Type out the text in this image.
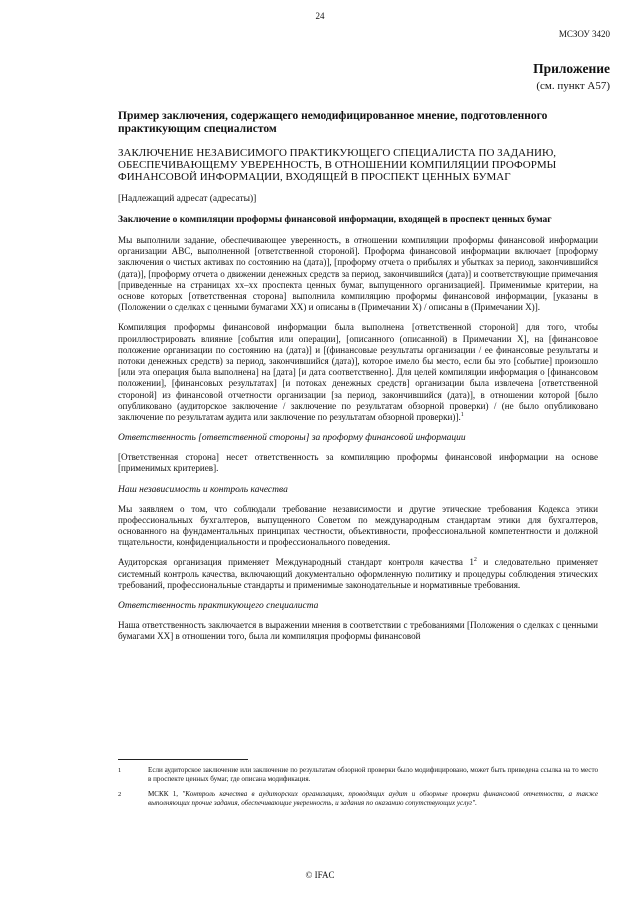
24
МСЗОУ 3420
Приложение
(см. пункт А57)

Пример заключения, содержащего немодифицированное мнение, подготовленного практикующим специалистом

ЗАКЛЮЧЕНИЕ НЕЗАВИСИМОГО ПРАКТИКУЮЩЕГО СПЕЦИАЛИСТА ПО ЗАДАНИЮ, ОБЕСПЕЧИВАЮЩЕМУ УВЕРЕННОСТЬ, В ОТНОШЕНИИ КОМПИЛЯЦИИ ПРОФОРМЫ ФИНАНСОВОЙ ИНФОРМАЦИИ, ВХОДЯЩЕЙ В ПРОСПЕКТ ЦЕННЫХ БУМАГ

[Надлежащий адресат (адресаты)]

Заключение о компиляции проформы финансовой информации, входящей в проспект ценных бумаг

Мы выполнили задание, обеспечивающее уверенность, в отношении компиляции проформы финансовой информации организации ABC, выполненной [ответственной стороной]. Проформа финансовой информации включает [проформу заключения о чистых активах по состоянию на (дата)], [проформу отчета о прибылях и убытках за период, закончившийся (дата)], [проформу отчета о движении денежных средств за период, закончившийся (дата)] и соответствующие примечания [приведенные на страницах хх–хх проспекта ценных бумаг, выпущенного организацией]. Применимые критерии, на основе которых [ответственная сторона] выполнила компиляцию проформы финансовой информации, [указаны в (Положении о сделках с ценными бумагами ХХ) и описаны в (Примечании Х) / описаны в (Примечании Х)].

Компиляция проформы финансовой информации была выполнена [ответственной стороной] для того, чтобы проиллюстрировать влияние [события или операции], [описанного (описанной) в Примечании Х], на [финансовое положение организации по состоянию на (дата)] и [(финансовые результаты организации / ее финансовые результаты и потоки денежных средств) за период, закончившийся (дата)], которое имело бы место, если бы это [событие] произошло [или эта операция была выполнена] на [дата] [и дата соответственно]. Для целей компиляции информация о [финансовом положении], [финансовых результатах] [и потоках денежных средств] организации была извлечена [ответственной стороной] из финансовой отчетности организации [за период, закончившийся (дата)], в отношении которой [было опубликовано (аудиторское заключение / заключение по результатам обзорной проверки) / (не было опубликовано заключение по результатам аудита или заключение по результатам обзорной проверки)].$^1$

Ответственность [ответственной стороны] за проформу финансовой информации

[Ответственная сторона] несет ответственность за компиляцию проформы финансовой информации на основе [применимых критериев].

Наш независимость и контроль качества

Мы заявляем о том, что соблюдали требование независимости и другие этические требования Кодекса этики профессиональных бухгалтеров, выпущенного Советом по международным стандартам этики для бухгалтеров, основанного на фундаментальных принципах честности, объективности, профессиональной компетентности и должной тщательности, конфиденциальности и профессионального поведения.

Аудиторская организация применяет Международный стандарт контроля качества $1^2$ и следовательно применяет системный контроль качества, включающий документально оформленную политику и процедуры соблюдения этических требований, профессиональные стандарты и применимые законодательные и нормативные требования.

Ответственность практикующего специалиста

Наша ответственность заключается в выражении мнения в соответствии с требованиями [Положения о сделках с ценными бумагами ХХ] в отношении того, была ли компиляция проформы финансовой

1	Если аудиторское заключение или заключение по результатам обзорной проверки было модифицировано, может быть приведена ссылка на то место в проспекте ценных бумаг, где описана модификация.
2	МСКК 1, "Контроль качества в аудиторских организациях, проводящих аудит и обзорные проверки финансовой отчетности, а также выполняющих прочие задания, обеспечивающие уверенность, и задания по оказанию сопутствующих услуг".
© IFAC
